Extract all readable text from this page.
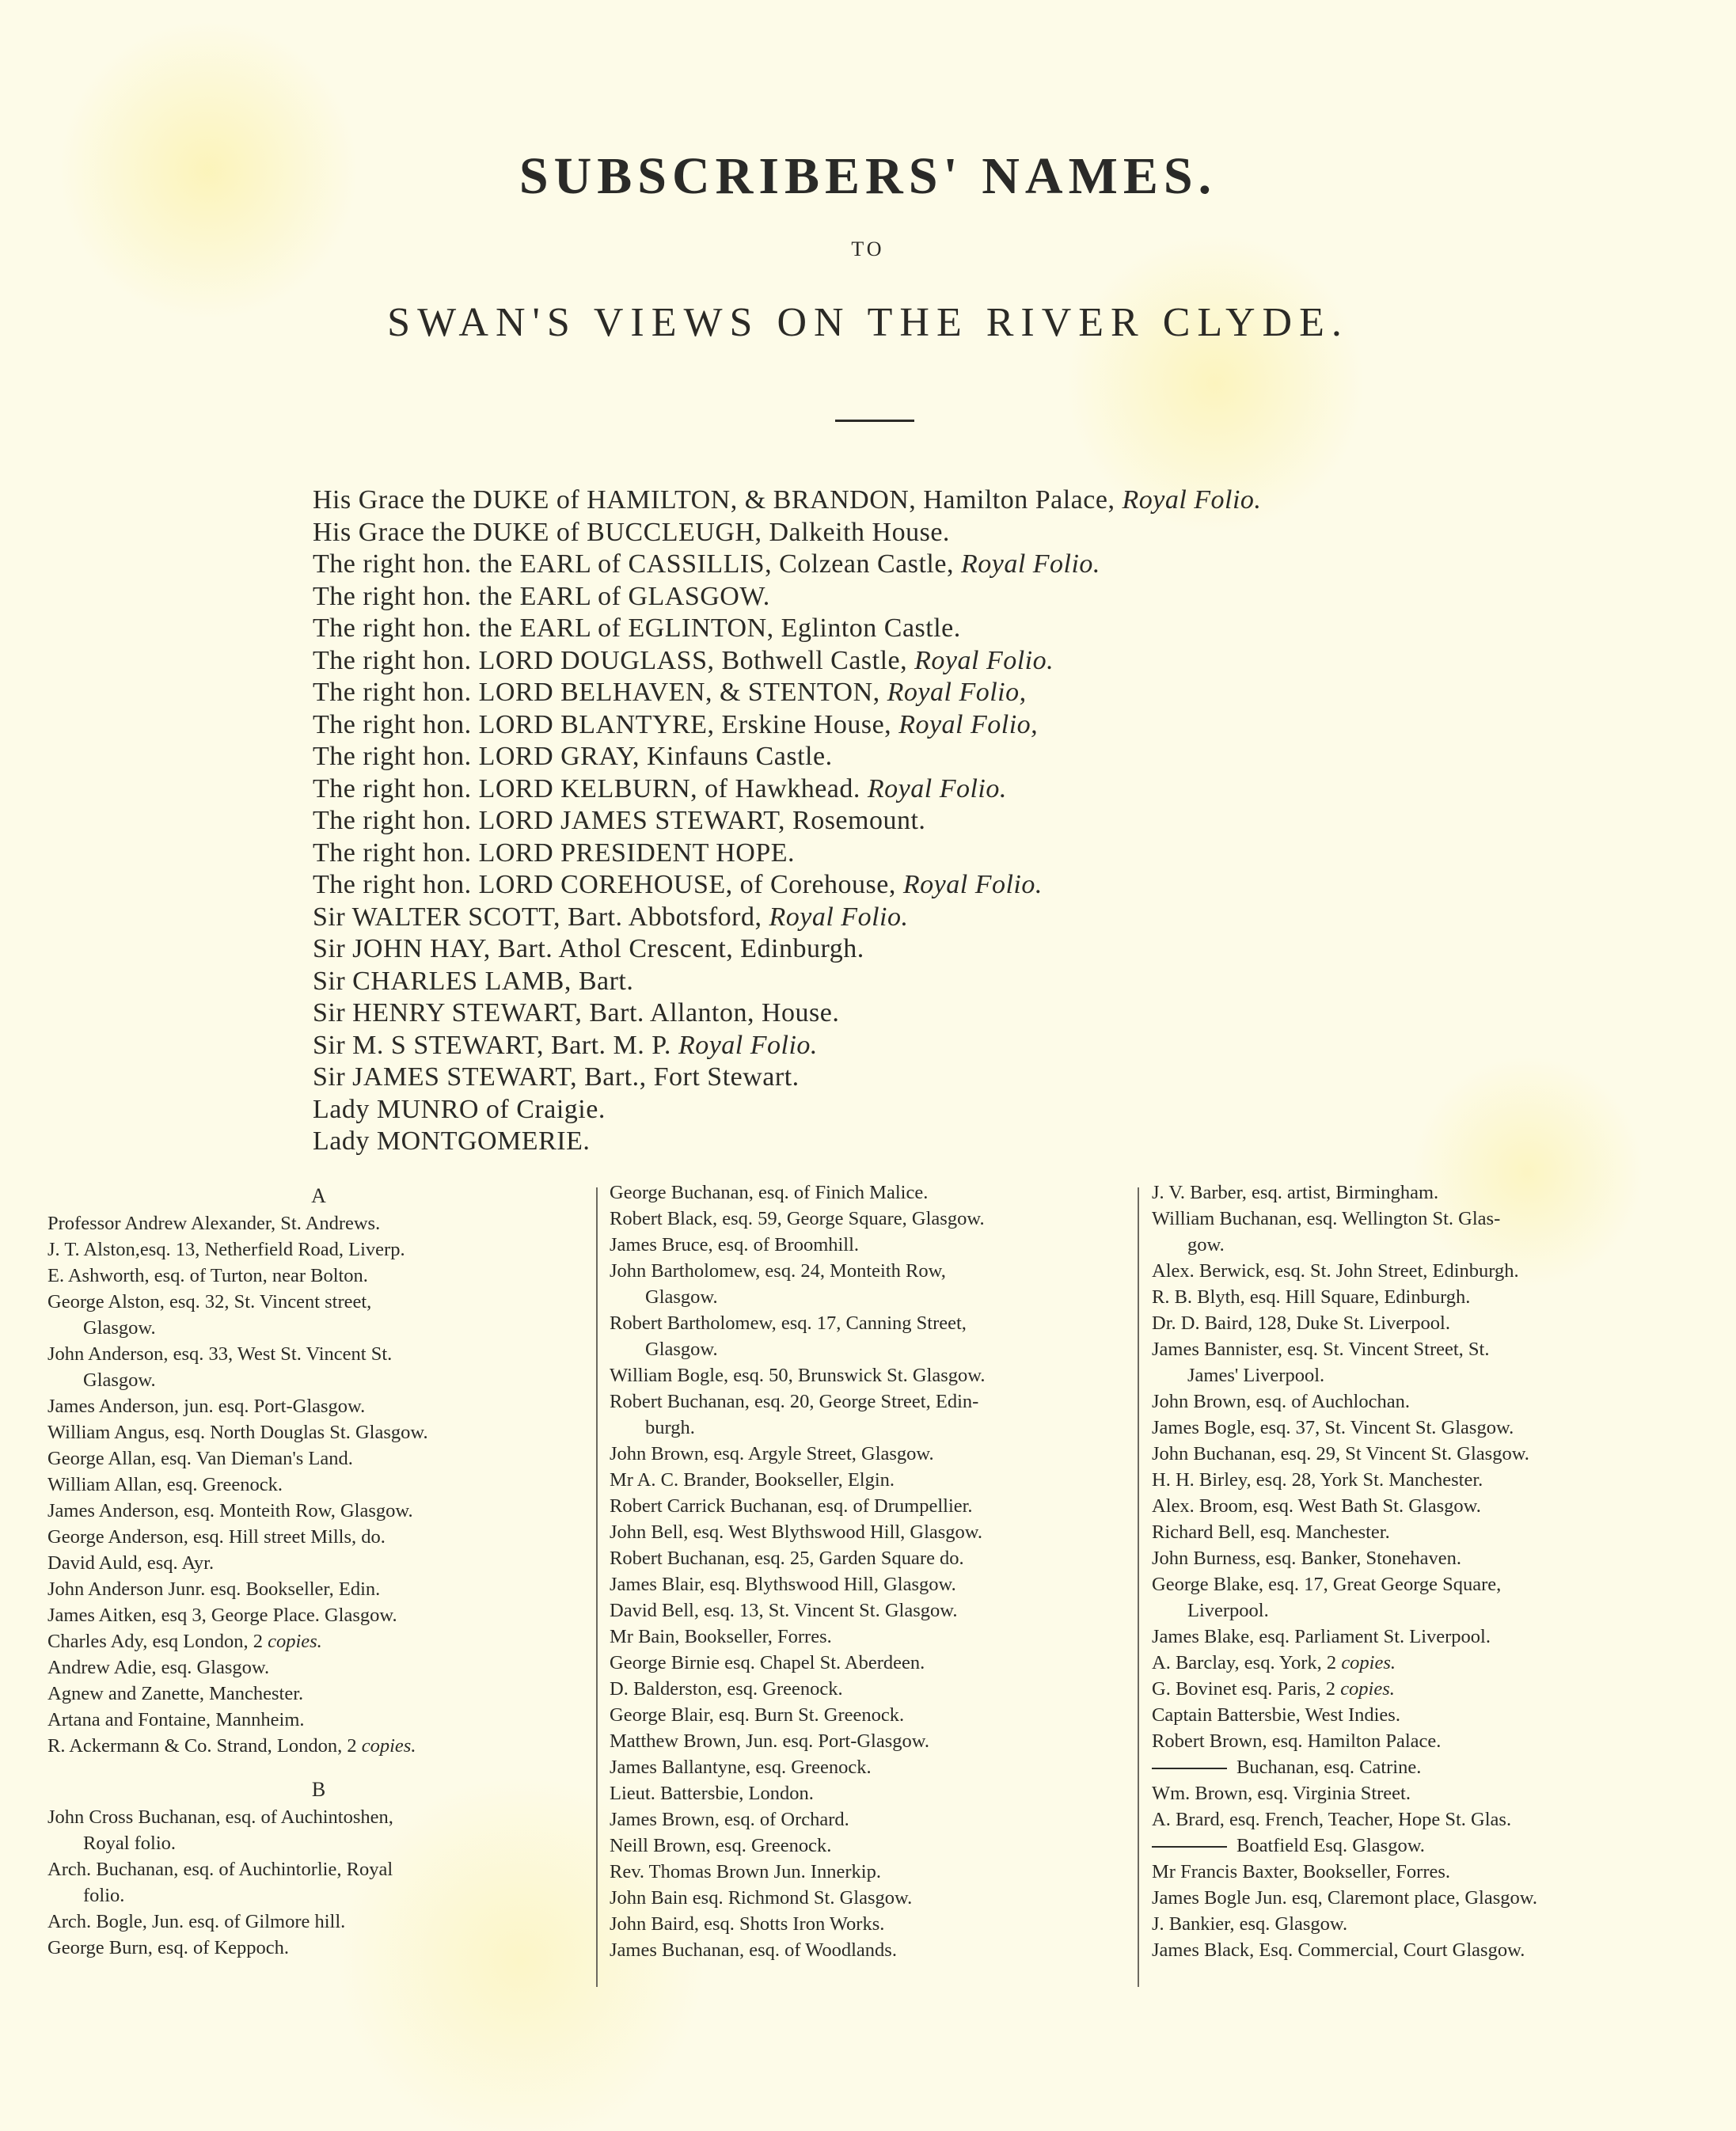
SUBSCRIBERS' NAMES.
TO
SWAN'S VIEWS ON THE RIVER CLYDE.
His Grace the DUKE of HAMILTON, & BRANDON, Hamilton Palace, Royal Folio.
His Grace the DUKE of BUCCLEUGH, Dalkeith House.
The right hon. the EARL of CASSILLIS, Colzean Castle, Royal Folio.
The right hon. the EARL of GLASGOW.
The right hon. the EARL of EGLINTON, Eglinton Castle.
The right hon. LORD DOUGLASS, Bothwell Castle, Royal Folio.
The right hon. LORD BELHAVEN, & STENTON, Royal Folio,
The right hon. LORD BLANTYRE, Erskine House, Royal Folio,
The right hon. LORD GRAY, Kinfauns Castle.
The right hon. LORD KELBURN, of Hawkhead. Royal Folio.
The right hon. LORD JAMES STEWART, Rosemount.
The right hon. LORD PRESIDENT HOPE.
The right hon. LORD COREHOUSE, of Corehouse, Royal Folio.
Sir WALTER SCOTT, Bart. Abbotsford, Royal Folio.
Sir JOHN HAY, Bart. Athol Crescent, Edinburgh.
Sir CHARLES LAMB, Bart.
Sir HENRY STEWART, Bart. Allanton, House.
Sir M. S STEWART, Bart. M. P. Royal Folio.
Sir JAMES STEWART, Bart., Fort Stewart.
Lady MUNRO of Craigie.
Lady MONTGOMERIE.
A
Professor Andrew Alexander, St. Andrews.
J. T. Alston,esq. 13, Netherfield Road, Liverp.
E. Ashworth, esq. of Turton, near Bolton.
George Alston, esq. 32, St. Vincent street,
Glasgow.
John Anderson, esq. 33, West St. Vincent St.
Glasgow.
James Anderson, jun. esq. Port-Glasgow.
William Angus, esq. North Douglas St. Glasgow.
George Allan, esq. Van Dieman's Land.
William Allan, esq. Greenock.
James Anderson, esq. Monteith Row, Glasgow.
George Anderson, esq. Hill street Mills, do.
David Auld, esq. Ayr.
John Anderson Junr. esq. Bookseller, Edin.
James Aitken, esq 3, George Place. Glasgow.
Charles Ady, esq London, 2 copies.
Andrew Adie, esq. Glasgow.
Agnew and Zanette, Manchester.
Artana and Fontaine, Mannheim.
R. Ackermann & Co. Strand, London, 2 copies.
B
John Cross Buchanan, esq. of Auchintoshen,
Royal folio.
Arch. Buchanan, esq. of Auchintorlie, Royal
folio.
Arch. Bogle, Jun. esq. of Gilmore hill.
George Burn, esq. of Keppoch.
George Buchanan, esq. of Finich Malice.
Robert Black, esq. 59, George Square, Glasgow.
James Bruce, esq. of Broomhill.
John Bartholomew, esq. 24, Monteith Row,
Glasgow.
Robert Bartholomew, esq. 17, Canning Street,
Glasgow.
William Bogle, esq. 50, Brunswick St. Glasgow.
Robert Buchanan, esq. 20, George Street, Edin-
burgh.
John Brown, esq. Argyle Street, Glasgow.
Mr A. C. Brander, Bookseller, Elgin.
Robert Carrick Buchanan, esq. of Drumpellier.
John Bell, esq. West Blythswood Hill, Glasgow.
Robert Buchanan, esq. 25, Garden Square do.
James Blair, esq. Blythswood Hill, Glasgow.
David Bell, esq. 13, St. Vincent St. Glasgow.
Mr Bain, Bookseller, Forres.
George Birnie esq. Chapel St. Aberdeen.
D. Balderston, esq. Greenock.
George Blair, esq. Burn St. Greenock.
Matthew Brown, Jun. esq. Port-Glasgow.
James Ballantyne, esq. Greenock.
Lieut. Battersbie, London.
James Brown, esq. of Orchard.
Neill Brown, esq. Greenock.
Rev. Thomas Brown Jun. Innerkip.
John Bain esq. Richmond St. Glasgow.
John Baird, esq. Shotts Iron Works.
James Buchanan, esq. of Woodlands.
J. V. Barber, esq. artist, Birmingham.
William Buchanan, esq. Wellington St. Glas-
gow.
Alex. Berwick, esq. St. John Street, Edinburgh.
R. B. Blyth, esq. Hill Square, Edinburgh.
Dr. D. Baird, 128, Duke St. Liverpool.
James Bannister, esq. St. Vincent Street, St.
James' Liverpool.
John Brown, esq. of Auchlochan.
James Bogle, esq. 37, St. Vincent St. Glasgow.
John Buchanan, esq. 29, St Vincent St. Glasgow.
H. H. Birley, esq. 28, York St. Manchester.
Alex. Broom, esq. West Bath St. Glasgow.
Richard Bell, esq. Manchester.
John Burness, esq. Banker, Stonehaven.
George Blake, esq. 17, Great George Square,
Liverpool.
James Blake, esq. Parliament St. Liverpool.
A. Barclay, esq. York, 2 copies.
G. Bovinet esq. Paris, 2 copies.
Captain Battersbie, West Indies.
Robert Brown, esq. Hamilton Palace.
Buchanan, esq. Catrine.
Wm. Brown, esq. Virginia Street.
A. Brard, esq. French, Teacher, Hope St. Glas.
Boatfield Esq. Glasgow.
Mr Francis Baxter, Bookseller, Forres.
James Bogle Jun. esq, Claremont place, Glasgow.
J. Bankier, esq. Glasgow.
James Black, Esq. Commercial, Court Glasgow.
